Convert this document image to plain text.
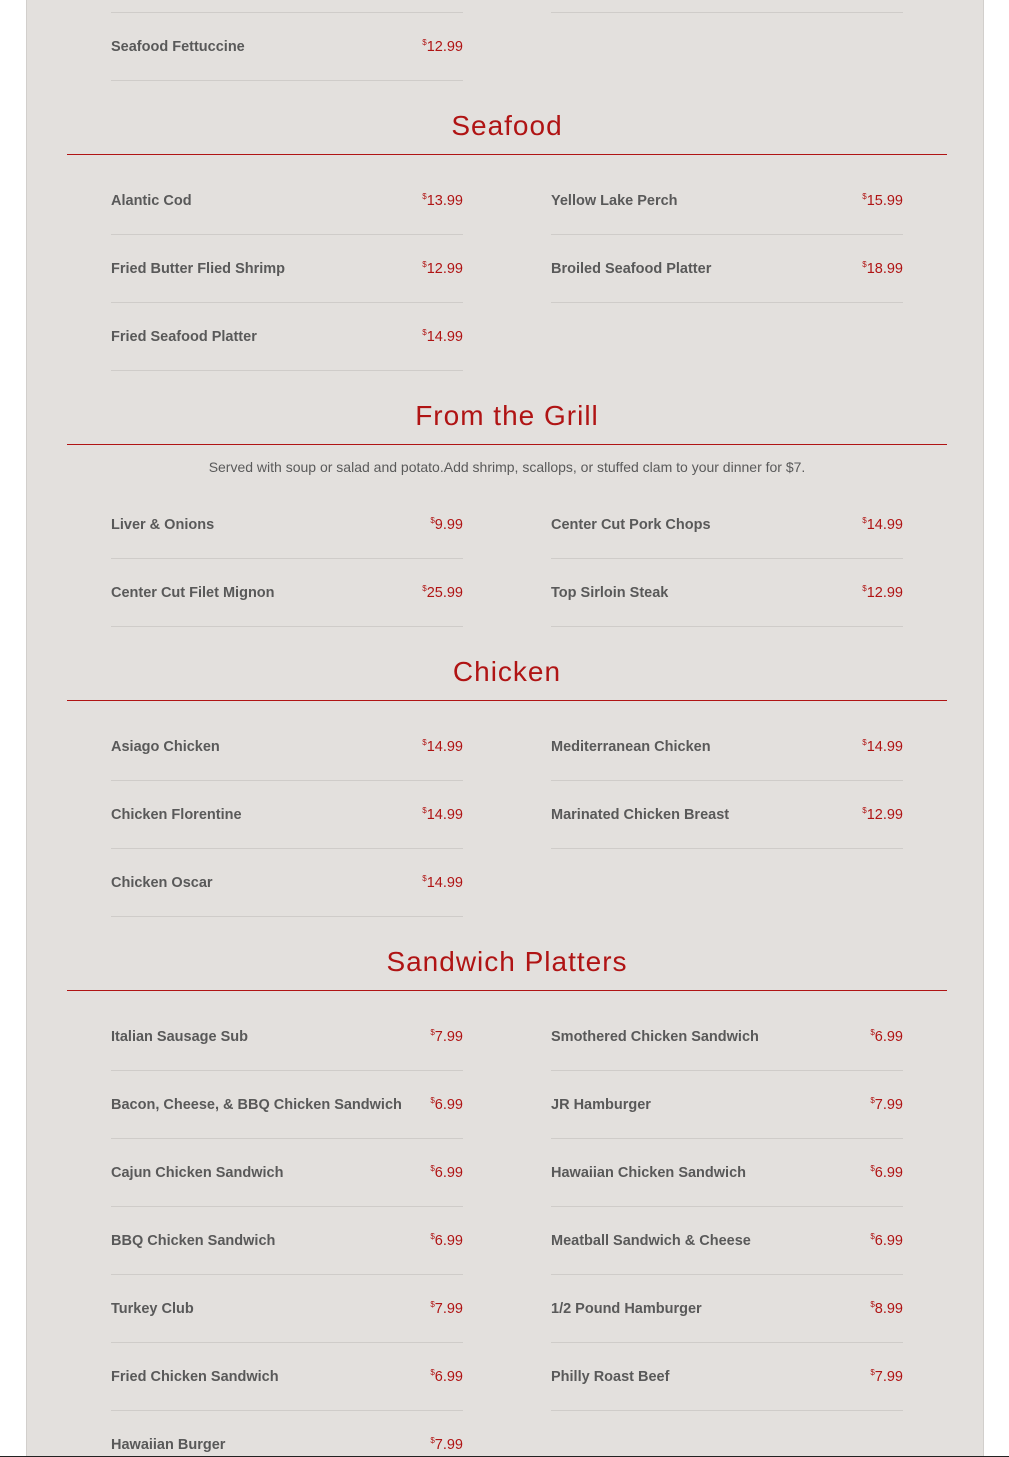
Seafood Fettuccine	$12.99
Seafood
Alantic Cod	$13.99	Yellow Lake Perch	$15.99
Fried Butter Flied Shrimp	$12.99	Broiled Seafood Platter	$18.99
Fried Seafood Platter	$14.99
From the Grill
Served with soup or salad and potato.Add shrimp, scallops, or stuffed clam to your dinner for $7.
Liver & Onions	$9.99	Center Cut Pork Chops	$14.99
Center Cut Filet Mignon	$25.99	Top Sirloin Steak	$12.99
Chicken
Asiago Chicken	$14.99	Mediterranean Chicken	$14.99
Chicken Florentine	$14.99	Marinated Chicken Breast	$12.99
Chicken Oscar	$14.99
Sandwich Platters
Italian Sausage Sub	$7.99	Smothered Chicken Sandwich	$6.99
Bacon, Cheese, & BBQ Chicken Sandwich	$6.99	JR Hamburger	$7.99
Cajun Chicken Sandwich	$6.99	Hawaiian Chicken Sandwich	$6.99
BBQ Chicken Sandwich	$6.99	Meatball Sandwich & Cheese	$6.99
Turkey Club	$7.99	1/2 Pound Hamburger	$8.99
Fried Chicken Sandwich	$6.99	Philly Roast Beef	$7.99
Hawaiian Burger	$7.99
